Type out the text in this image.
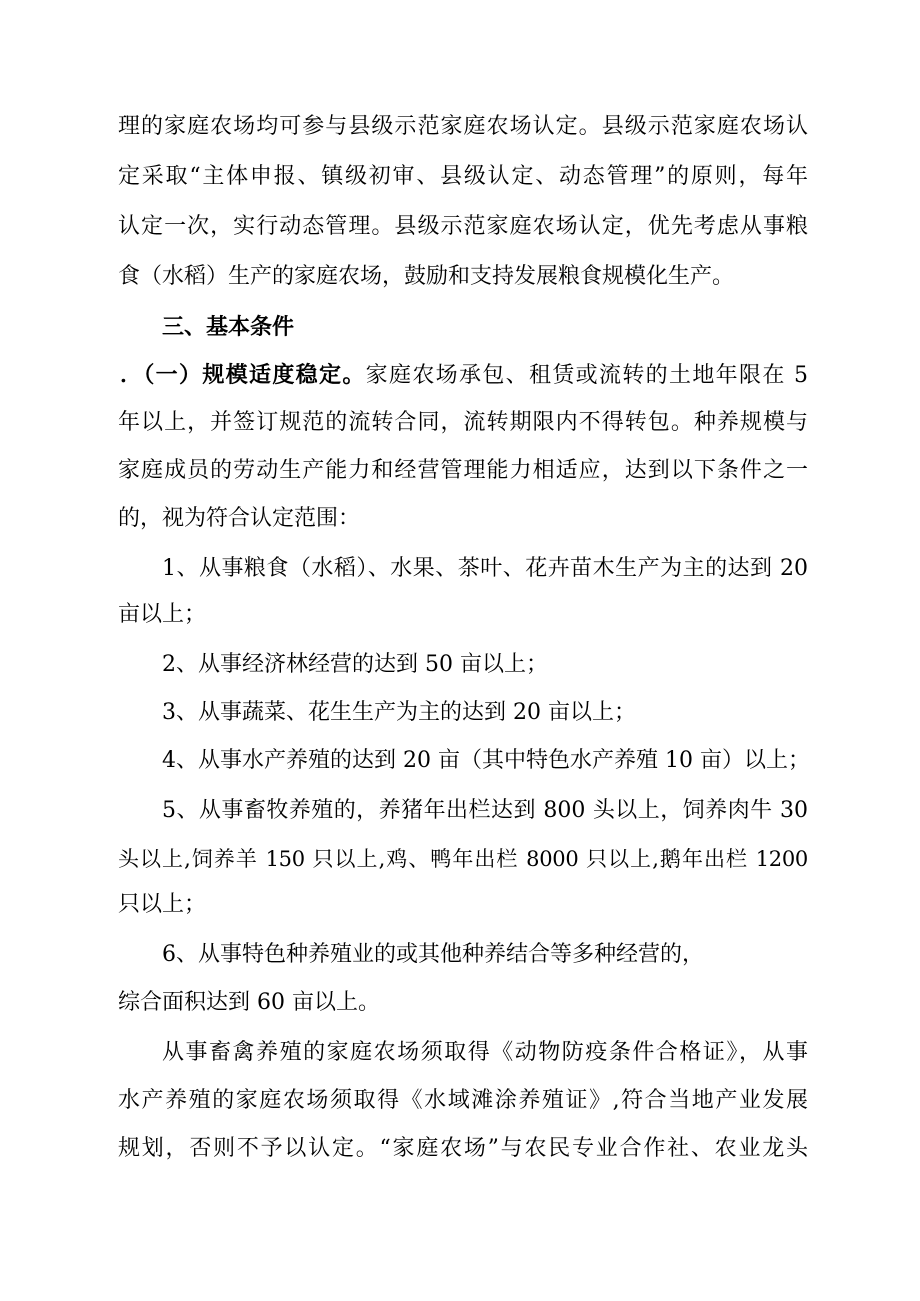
理的家庭农场均可参与县级示范家庭农场认定。县级示范家庭农场认
定采取“主体申报、镇级初审、县级认定、动态管理”的原则，每年
认定一次，实行动态管理。县级示范家庭农场认定，优先考虑从事粮
食（水稻）生产的家庭农场，鼓励和支持发展粮食规模化生产。
三、基本条件
．（一）规模适度稳定。家庭农场承包、租赁或流转的土地年限在 5
年以上，并签订规范的流转合同，流转期限内不得转包。种养规模与
家庭成员的劳动生产能力和经营管理能力相适应，达到以下条件之一
的，视为符合认定范围：
1、从事粮食（水稻）、水果、茶叶、花卉苗木生产为主的达到 20
亩以上；
2、从事经济林经营的达到 50 亩以上；
3、从事蔬菜、花生生产为主的达到 20 亩以上；
4、从事水产养殖的达到 20 亩（其中特色水产养殖 10 亩）以上；
5、从事畜牧养殖的，养猪年出栏达到 800 头以上，饲养肉牛 30
头以上,饲养羊 150 只以上,鸡、鸭年出栏 8000 只以上,鹅年出栏 1200
只以上；
6、从事特色种养殖业的或其他种养结合等多种经营的，
综合面积达到 60 亩以上。
从事畜禽养殖的家庭农场须取得《动物防疫条件合格证》，从事
水产养殖的家庭农场须取得《水域滩涂养殖证》,符合当地产业发展
规划，否则不予以认定。“家庭农场”与农民专业合作社、农业龙头
